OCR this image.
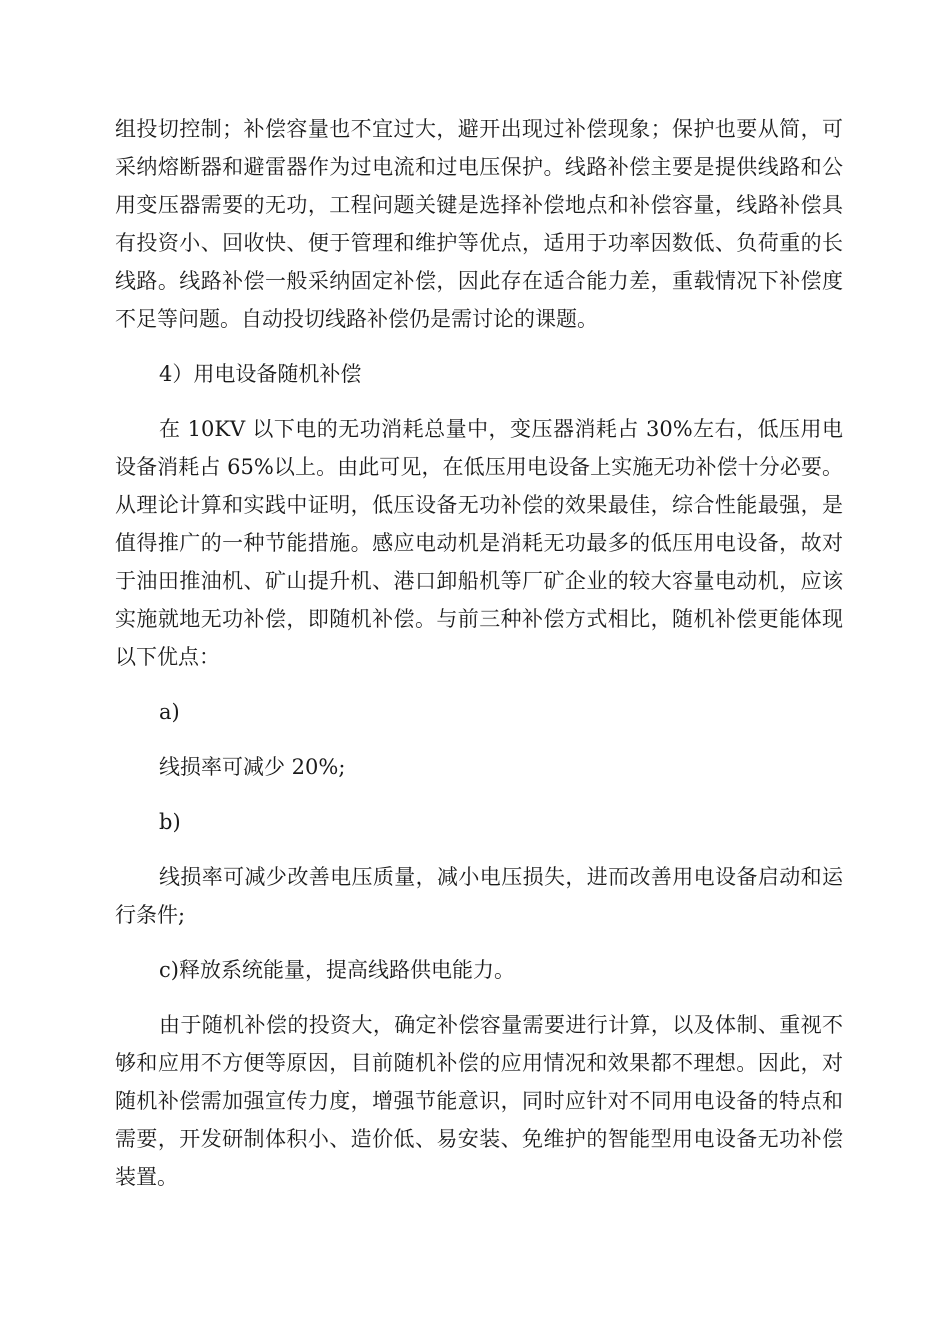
组投切控制；补偿容量也不宜过大，避开出现过补偿现象；保护也要从简，可采纳熔断器和避雷器作为过电流和过电压保护。线路补偿主要是提供线路和公用变压器需要的无功，工程问题关键是选择补偿地点和补偿容量，线路补偿具有投资小、回收快、便于管理和维护等优点，适用于功率因数低、负荷重的长线路。线路补偿一般采纳固定补偿，因此存在适合能力差，重载情况下补偿度不足等问题。自动投切线路补偿仍是需讨论的课题。

4）用电设备随机补偿

在 10KV 以下电的无功消耗总量中，变压器消耗占 30%左右，低压用电设备消耗占 65%以上。由此可见，在低压用电设备上实施无功补偿十分必要。从理论计算和实践中证明，低压设备无功补偿的效果最佳，综合性能最强，是值得推广的一种节能措施。感应电动机是消耗无功最多的低压用电设备，故对于油田推油机、矿山提升机、港口卸船机等厂矿企业的较大容量电动机，应该实施就地无功补偿，即随机补偿。与前三种补偿方式相比，随机补偿更能体现以下优点：

a)

线损率可减少 20%;

b)

线损率可减少改善电压质量，减小电压损失，进而改善用电设备启动和运行条件;

c)释放系统能量，提高线路供电能力。

由于随机补偿的投资大，确定补偿容量需要进行计算，以及体制、重视不够和应用不方便等原因，目前随机补偿的应用情况和效果都不理想。因此，对随机补偿需加强宣传力度，增强节能意识，同时应针对不同用电设备的特点和需要，开发研制体积小、造价低、易安装、免维护的智能型用电设备无功补偿装置。
